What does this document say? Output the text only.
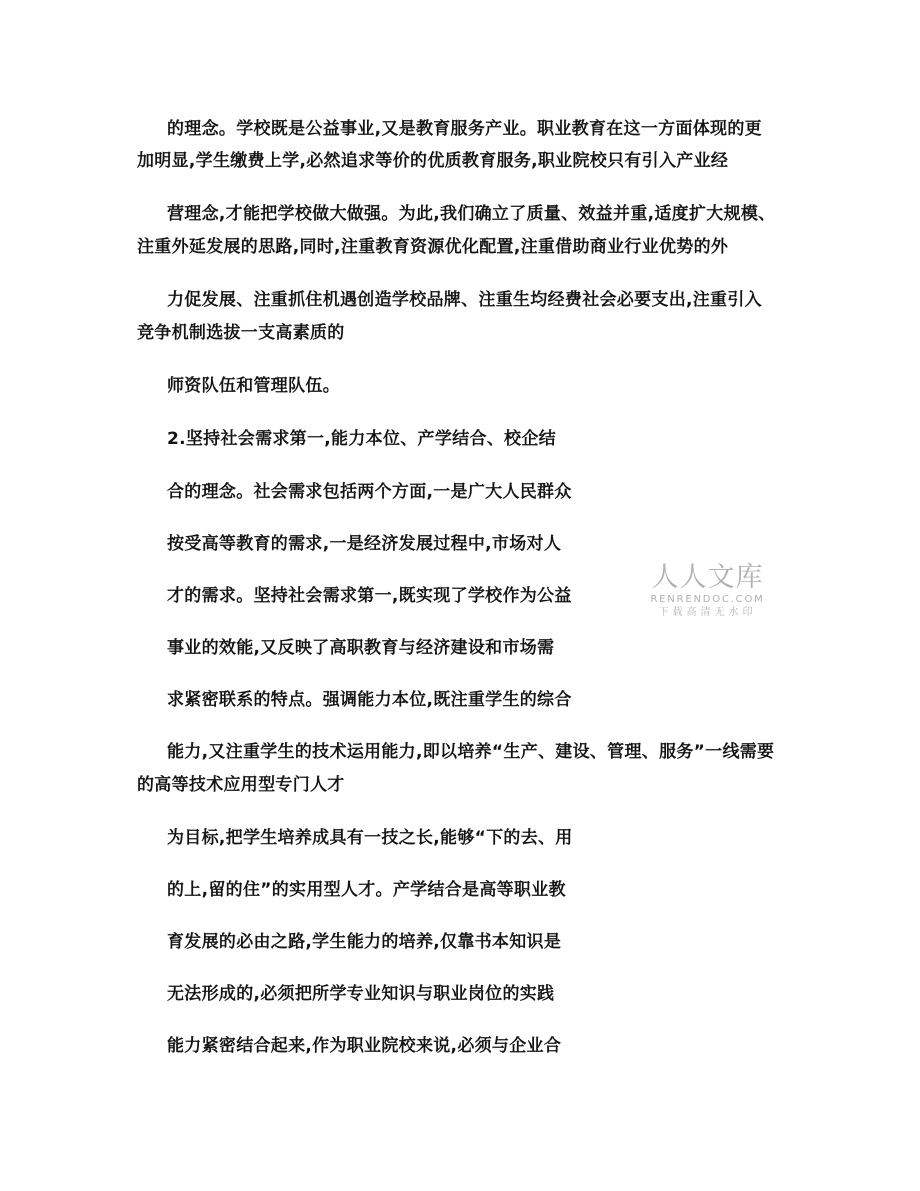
的理念。学校既是公益事业,又是教育服务产业。职业教育在这一方面体现的更
加明显,学生缴费上学,必然追求等价的优质教育服务,职业院校只有引入产业经
营理念,才能把学校做大做强。为此,我们确立了质量、效益并重,适度扩大规模、
注重外延发展的思路,同时,注重教育资源优化配置,注重借助商业行业优势的外
力促发展、注重抓住机遇创造学校品牌、注重生均经费社会必要支出,注重引入
竞争机制选拔一支高素质的
师资队伍和管理队伍。
2.坚持社会需求第一,能力本位、产学结合、校企结
合的理念。社会需求包括两个方面,一是广大人民群众
按受高等教育的需求,一是经济发展过程中,市场对人
才的需求。坚持社会需求第一,既实现了学校作为公益
事业的效能,又反映了高职教育与经济建设和市场需
求紧密联系的特点。强调能力本位,既注重学生的综合
能力,又注重学生的技术运用能力,即以培养“生产、建设、管理、服务”一线需要
的高等技术应用型专门人才
为目标,把学生培养成具有一技之长,能够“下的去、用
的上,留的住”的实用型人才。产学结合是高等职业教
育发展的必由之路,学生能力的培养,仅靠书本知识是
无法形成的,必须把所学专业知识与职业岗位的实践
能力紧密结合起来,作为职业院校来说,必须与企业合
人人文库
RENRENDOC.COM
下载高清无水印
